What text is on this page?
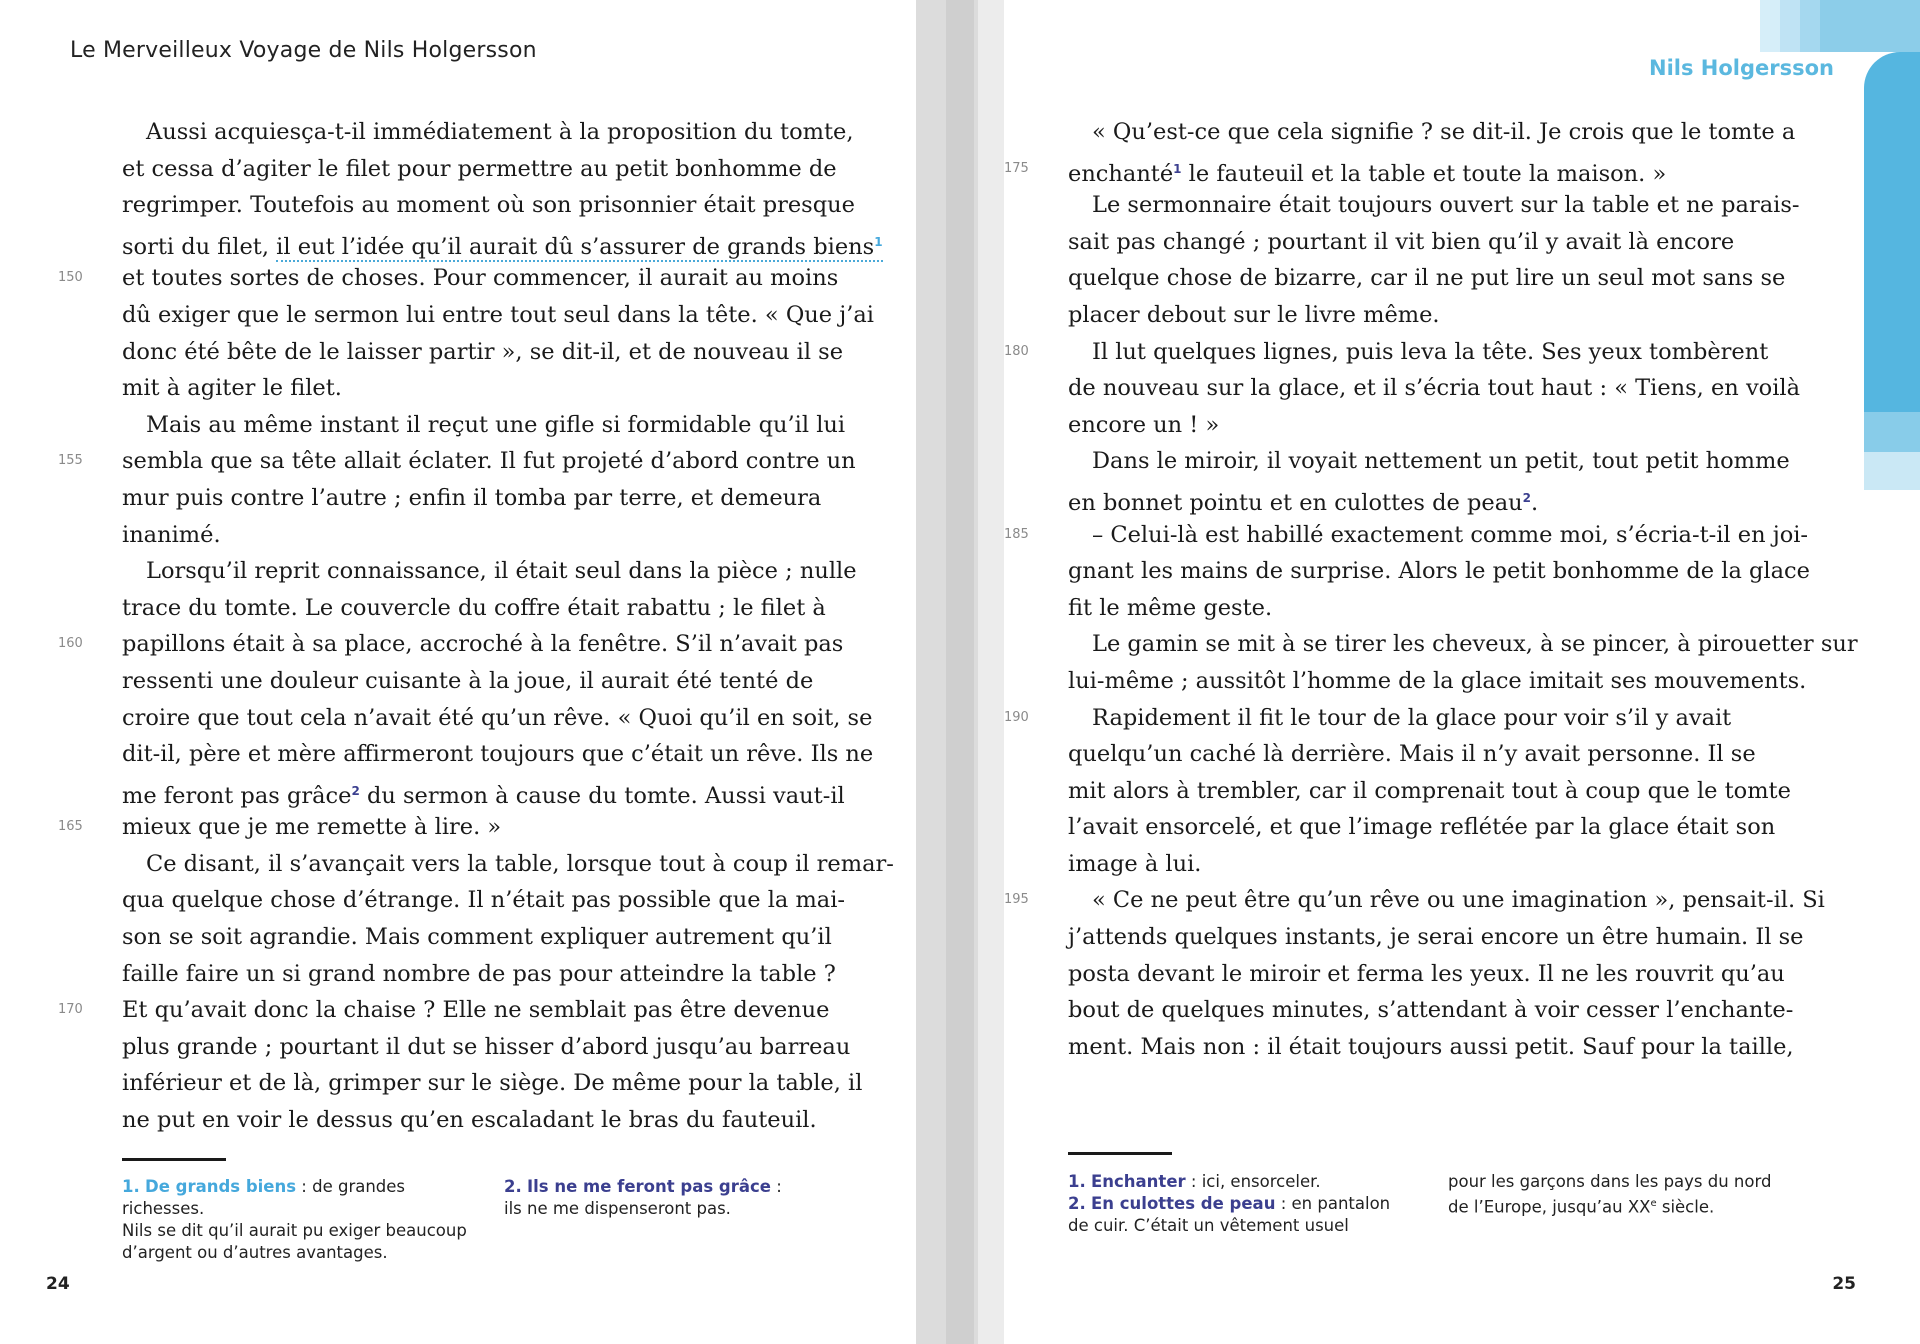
Le Merveilleux Voyage de Nils Holgersson
Aussi acquiesça-t-il immédiatement à la proposition du tomte,
et cessa d’agiter le filet pour permettre au petit bonhomme de
regrimper. Toutefois au moment où son prisonnier était presque
sorti du filet, il eut l’idée qu’il aurait dû s’assurer de grands biens$^1$
150	et toutes sortes de choses. Pour commencer, il aurait au moins
dû exiger que le sermon lui entre tout seul dans la tête. « Que j’ai
donc été bête de le laisser partir », se dit-il, et de nouveau il se
mit à agiter le filet.
Mais au même instant il reçut une gifle si formidable qu’il lui
155	sembla que sa tête allait éclater. Il fut projeté d’abord contre un
mur puis contre l’autre ; enfin il tomba par terre, et demeura
inanimé.
Lorsqu’il reprit connaissance, il était seul dans la pièce ; nulle
trace du tomte. Le couvercle du coffre était rabattu ; le filet à
160	papillons était à sa place, accroché à la fenêtre. S’il n’avait pas
ressenti une douleur cuisante à la joue, il aurait été tenté de
croire que tout cela n’avait été qu’un rêve. « Quoi qu’il en soit, se
dit-il, père et mère affirmeront toujours que c’était un rêve. Ils ne
me feront pas grâce$^2$ du sermon à cause du tomte. Aussi vaut-il
165	mieux que je me remette à lire. »
Ce disant, il s’avançait vers la table, lorsque tout à coup il remar-
qua quelque chose d’étrange. Il n’était pas possible que la mai-
son se soit agrandie. Mais comment expliquer autrement qu’il
faille faire un si grand nombre de pas pour atteindre la table ?
170	Et qu’avait donc la chaise ? Elle ne semblait pas être devenue
plus grande ; pourtant il dut se hisser d’abord jusqu’au barreau
inférieur et de là, grimper sur le siège. De même pour la table, il
ne put en voir le dessus qu’en escaladant le bras du fauteuil.
1. De grands biens : de grandes richesses.
Nils se dit qu’il aurait pu exiger beaucoup
d’argent ou d’autres avantages.
2. Ils ne me feront pas grâce :
ils ne me dispenseront pas.
24
Nils Holgersson
« Qu’est-ce que cela signifie ? se dit-il. Je crois que le tomte a
175	enchanté$^1$ le fauteuil et la table et toute la maison. »
Le sermonnaire était toujours ouvert sur la table et ne parais-
sait pas changé ; pourtant il vit bien qu’il y avait là encore
quelque chose de bizarre, car il ne put lire un seul mot sans se
placer debout sur le livre même.
180	Il lut quelques lignes, puis leva la tête. Ses yeux tombèrent
de nouveau sur la glace, et il s’écria tout haut : « Tiens, en voilà
encore un ! »
Dans le miroir, il voyait nettement un petit, tout petit homme
en bonnet pointu et en culottes de peau$^2$.
185	– Celui-là est habillé exactement comme moi, s’écria-t-il en joi-
gnant les mains de surprise. Alors le petit bonhomme de la glace
fit le même geste.
Le gamin se mit à se tirer les cheveux, à se pincer, à pirouetter sur
lui-même ; aussitôt l’homme de la glace imitait ses mouvements.
190	Rapidement il fit le tour de la glace pour voir s’il y avait
quelqu’un caché là derrière. Mais il n’y avait personne. Il se
mit alors à trembler, car il comprenait tout à coup que le tomte
l’avait ensorcelé, et que l’image reflétée par la glace était son
image à lui.
195	« Ce ne peut être qu’un rêve ou une imagination », pensait-il. Si
j’attends quelques instants, je serai encore un être humain. Il se
posta devant le miroir et ferma les yeux. Il ne les rouvrit qu’au
bout de quelques minutes, s’attendant à voir cesser l’enchante-
ment. Mais non : il était toujours aussi petit. Sauf pour la taille,
1. Enchanter : ici, ensorceler.
2. En culottes de peau : en pantalon
de cuir. C’était un vêtement usuel
pour les garçons dans les pays du nord
de l’Europe, jusqu’au XXe siècle.
25
